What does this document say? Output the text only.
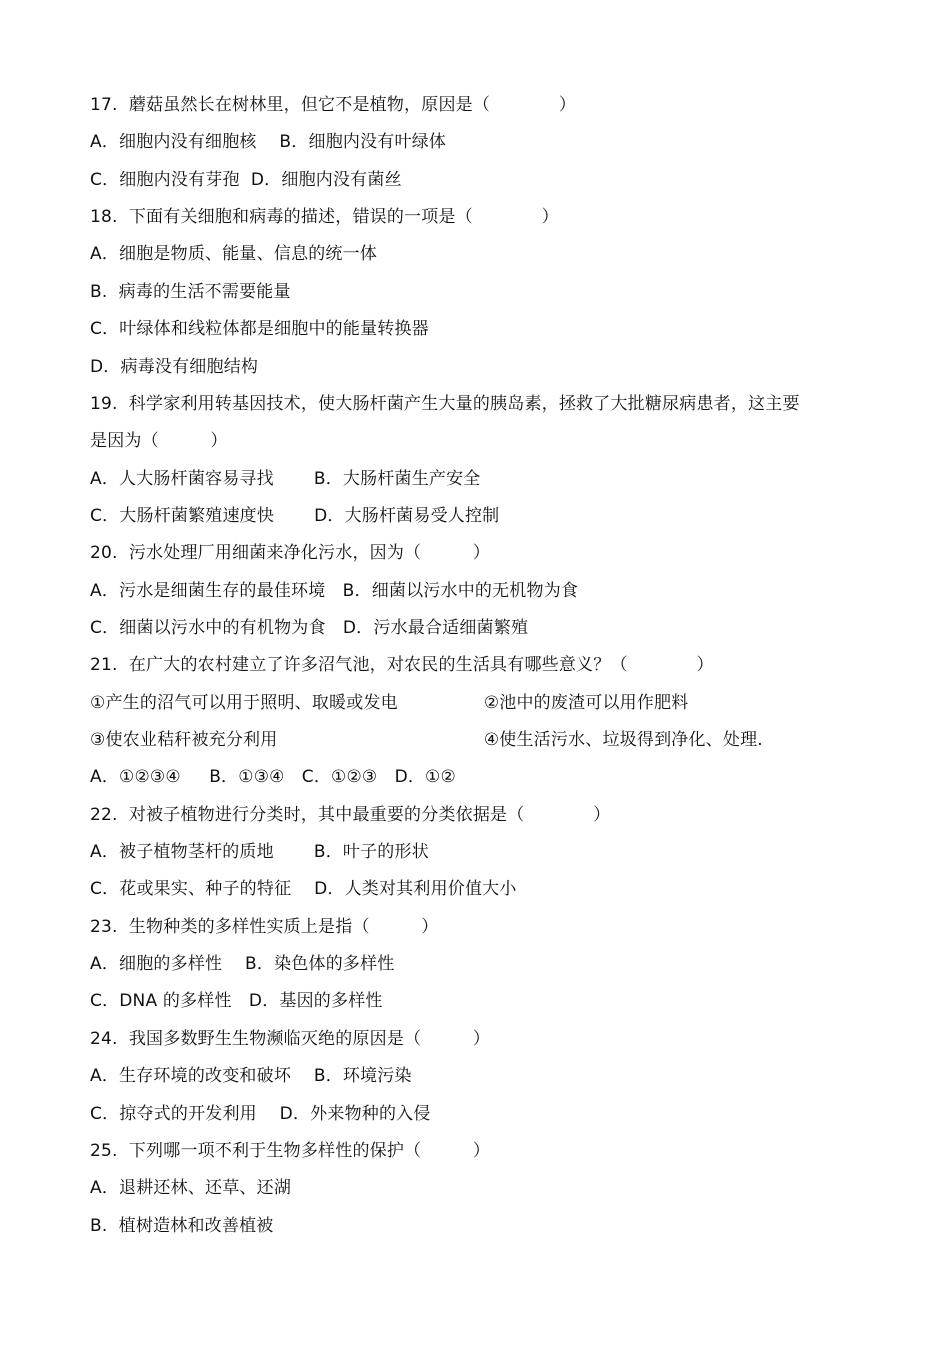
17.  蘑菇虽然长在树林里，但它不是植物，原因是（　　　　）
A．细胞内没有细胞核　 B．细胞内没有叶绿体
C．细胞内没有芽孢  D．细胞内没有菌丝
18.  下面有关细胞和病毒的描述，错误的一项是（　　　　）
A．细胞是物质、能量、信息的统一体
B.  病毒的生活不需要能量
C．叶绿体和线粒体都是细胞中的能量转换器
D．病毒没有细胞结构
19.  科学家利用转基因技术，使大肠杆菌产生大量的胰岛素，拯救了大批糖尿病患者，这主要
是因为（　　　）
A．人大肠杆菌容易寻找　　 B．大肠杆菌生产安全
C．大肠杆菌繁殖速度快　　 D．大肠杆菌易受人控制
20.  污水处理厂用细菌来净化污水，因为（　　　）
A．污水是细菌生存的最佳环境　B．细菌以污水中的无机物为食
C．细菌以污水中的有机物为食　D．污水最合适细菌繁殖
21.  在广大的农村建立了许多沼气池，对农民的生活具有哪些意义？（　　　　）
①产生的沼气可以用于照明、取暖或发电　　　　　②池中的废渣可以用作肥料
③使农业秸秆被充分利用　　　　　　　　　　　　④使生活污水、垃圾得到净化、处理.
A．①②③④　  B．①③④　C．①②③　D．①②
22.  对被子植物进行分类时，其中最重要的分类依据是（　　　　）
A．被子植物茎杆的质地　　 B．叶子的形状
C．花或果实、种子的特征　 D．人类对其利用价值大小
23.  生物种类的多样性实质上是指（　　　）
A．细胞的多样性　 B．染色体的多样性
C．DNA 的多样性　D．基因的多样性
24.  我国多数野生生物濒临灭绝的原因是（　　　）
A．生存环境的改变和破坏　 B．环境污染
C．掠夺式的开发利用　 D．外来物种的入侵
25.  下列哪一项不利于生物多样性的保护（　　　）
A．退耕还林、还草、还湖
B.  植树造林和改善植被
